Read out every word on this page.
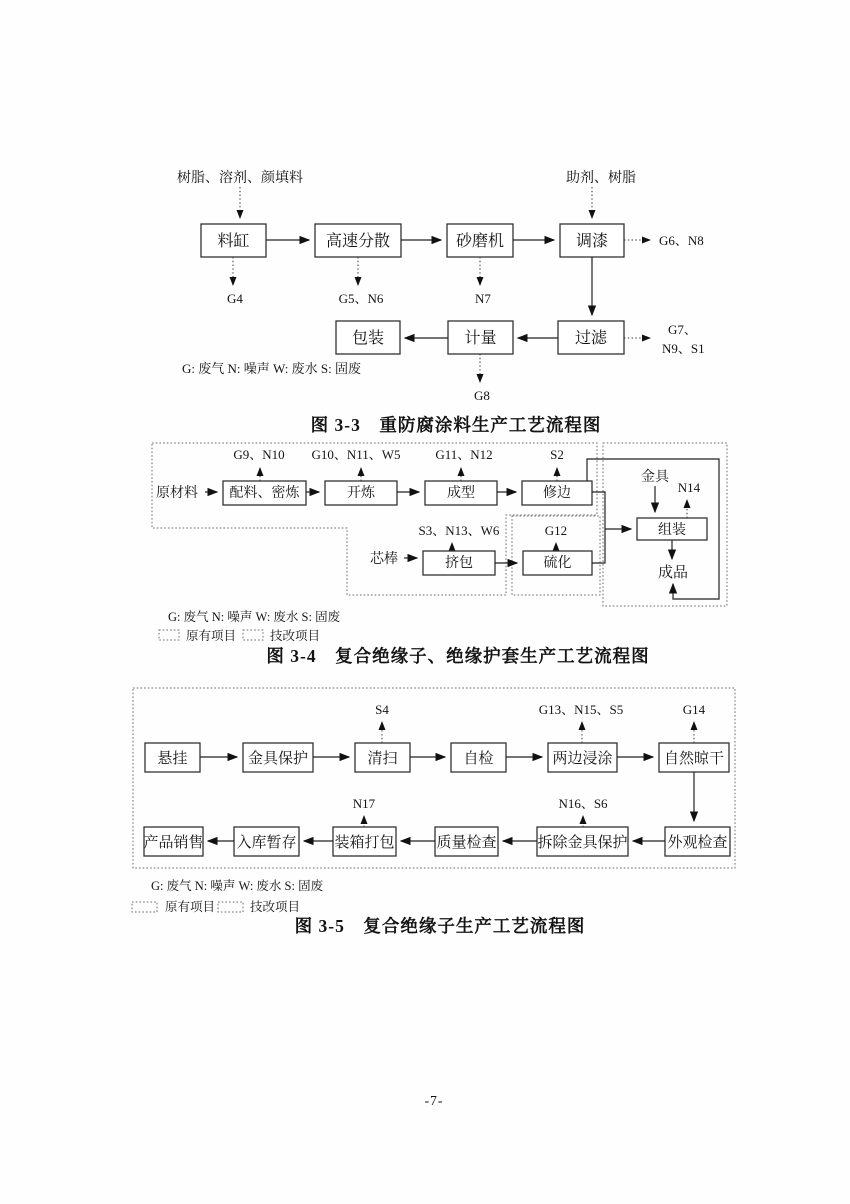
树脂、溶剂、颜填料	助剂、树脂
料缸	高速分散	砂磨机	调漆	G6、N8
G4	G5、N6	N7
包装	计量	过滤
G7、
N9、S1
G8
G: 废气 N: 噪声 W: 废水 S: 固废
图 3-3　重防腐涂料生产工艺流程图
G9、N10 G10、N11、W5	G11、N12	S2
原材料 配料、密炼	开炼	成型	修边
S3、N13、W6	G12
芯棒	挤包	硫化
金具
N14
组装
成品
G: 废气 N: 噪声 W: 废水 S: 固废
原有项目	技改项目
图 3-4　复合绝缘子、绝缘护套生产工艺流程图
S4	G13、N15、S5	G14
悬挂	金具保护	清扫	自检	两边浸涂	自然晾干
N17	N16、S6
产品销售 入库暂存	装箱打包	质量检查	拆除金具保护	外观检查
G: 废气 N: 噪声 W: 废水 S: 固废
原有项目	技改项目
图 3-5　复合绝缘子生产工艺流程图
-7-
